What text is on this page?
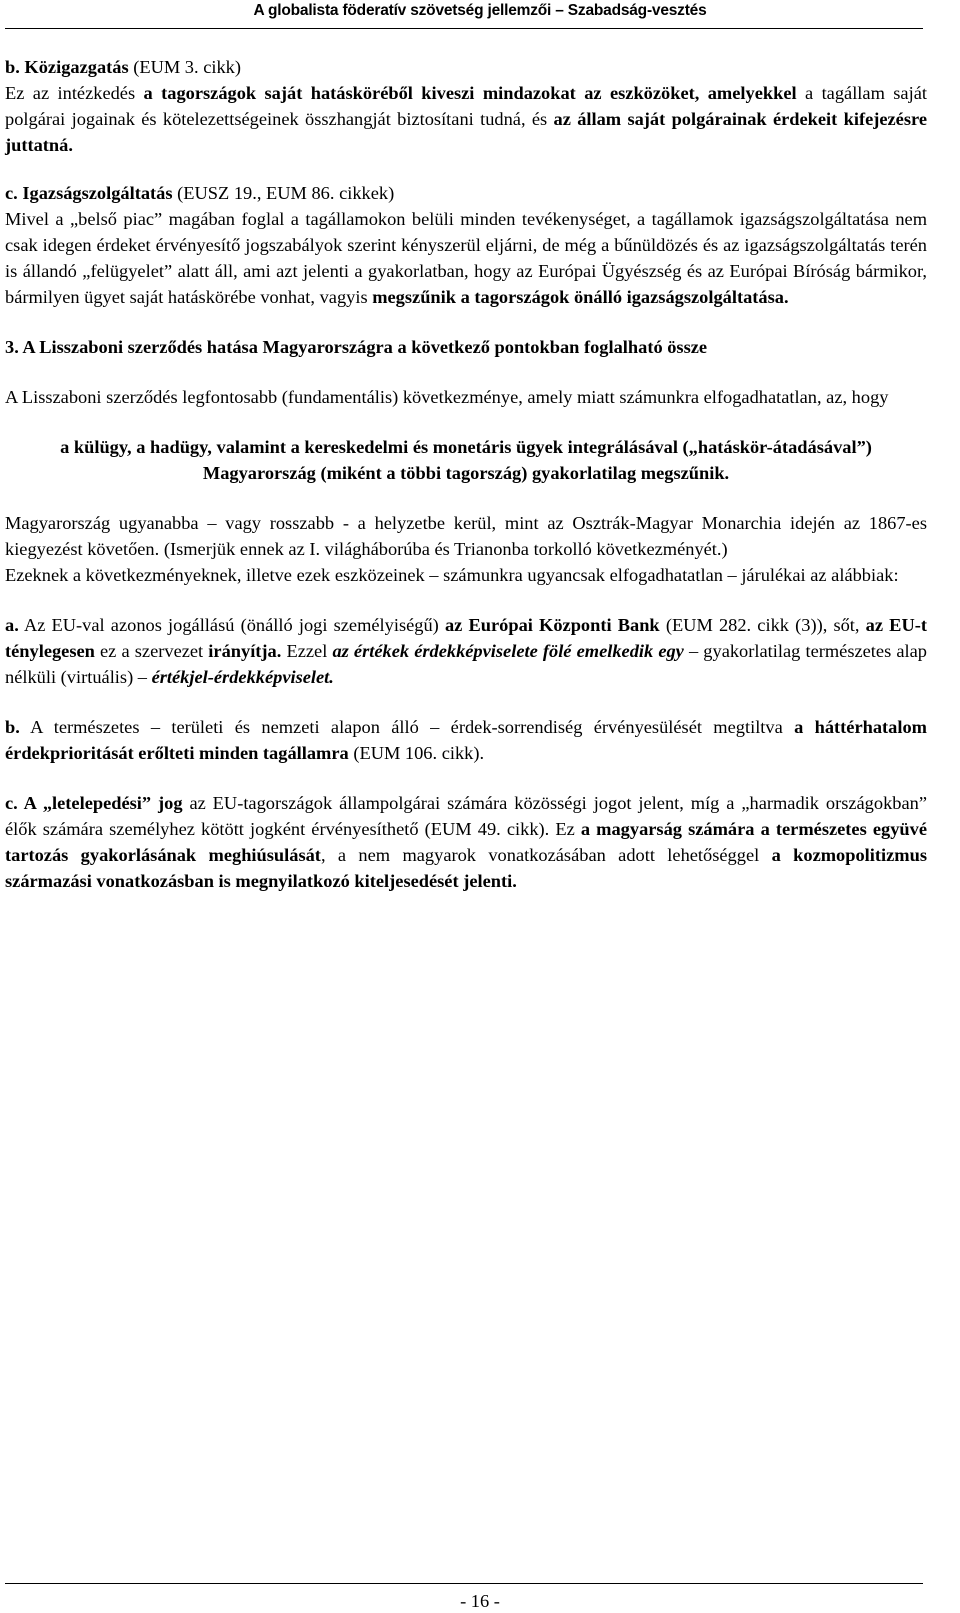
A globalista föderatív szövetség jellemzői – Szabadság-vesztés

b. Közigazgatás (EUM 3. cikk)
Ez az intézkedés a tagországok saját hatásköréből kiveszi mindazokat az eszközöket, amelyekkel a tagállam saját polgárai jogainak és kötelezettségeinek összhangját biztosítani tudná, és az állam saját polgárainak érdekeit kifejezésre juttatná.

c. Igazságszolgáltatás (EUSZ 19., EUM 86. cikkek)
Mivel a „belső piac” magában foglal a tagállamokon belüli minden tevékenységet, a tagállamok igazságszolgáltatása nem csak idegen érdeket érvényesítő jogszabályok szerint kényszerül eljárni, de még a bűnüldözés és az igazságszolgáltatás terén is állandó „felügyelet” alatt áll, ami azt jelenti a gyakorlatban, hogy az Európai Ügyészség és az Európai Bíróság bármikor, bármilyen ügyet saját hatáskörébe vonhat, vagyis megszűnik a tagországok önálló igazságszolgáltatása.

3. A Lisszaboni szerződés hatása Magyarországra a következő pontokban foglalható össze

A Lisszaboni szerződés legfontosabb (fundamentális) következménye, amely miatt számunkra elfogadhatatlan, az, hogy

a külügy, a hadügy, valamint a kereskedelmi és monetáris ügyek integrálásával („hatáskör-átadásával”) Magyarország (miként a többi tagország) gyakorlatilag megszűnik.

Magyarország ugyanabba – vagy rosszabb - a helyzetbe kerül, mint az Osztrák-Magyar Monarchia idején az 1867-es kiegyezést követően. (Ismerjük ennek az I. világháborúba és Trianonba torkolló következményét.)

Ezeknek a következményeknek, illetve ezek eszközeinek – számunkra ugyancsak elfogadhatatlan – járulékai az alábbiak:

a. Az EU-val azonos jogállású (önálló jogi személyiségű) az Európai Központi Bank (EUM 282. cikk (3)), sőt, az EU-t ténylegesen ez a szervezet irányítja. Ezzel az értékek érdekképviselete fölé emelkedik egy – gyakorlatilag természetes alap nélküli (virtuális) – értékjel-érdekképviselet.

b. A természetes – területi és nemzeti alapon álló – érdek-sorrendiség érvényesülését megtiltva a háttérhatalom érdekprioritását erőlteti minden tagállamra (EUM 106. cikk).

c. A „letelepedési” jog az EU-tagországok állampolgárai számára közösségi jogot jelent, míg a „harmadik országokban” élők számára személyhez kötött jogként érvényesíthető (EUM 49. cikk). Ez a magyarság számára a természetes együvé tartozás gyakorlásának meghiúsulását, a nem magyarok vonatkozásában adott lehetőséggel a kozmopolitizmus származási vonatkozásban is megnyilatkozó kiteljesedését jelenti.

- 16 -
